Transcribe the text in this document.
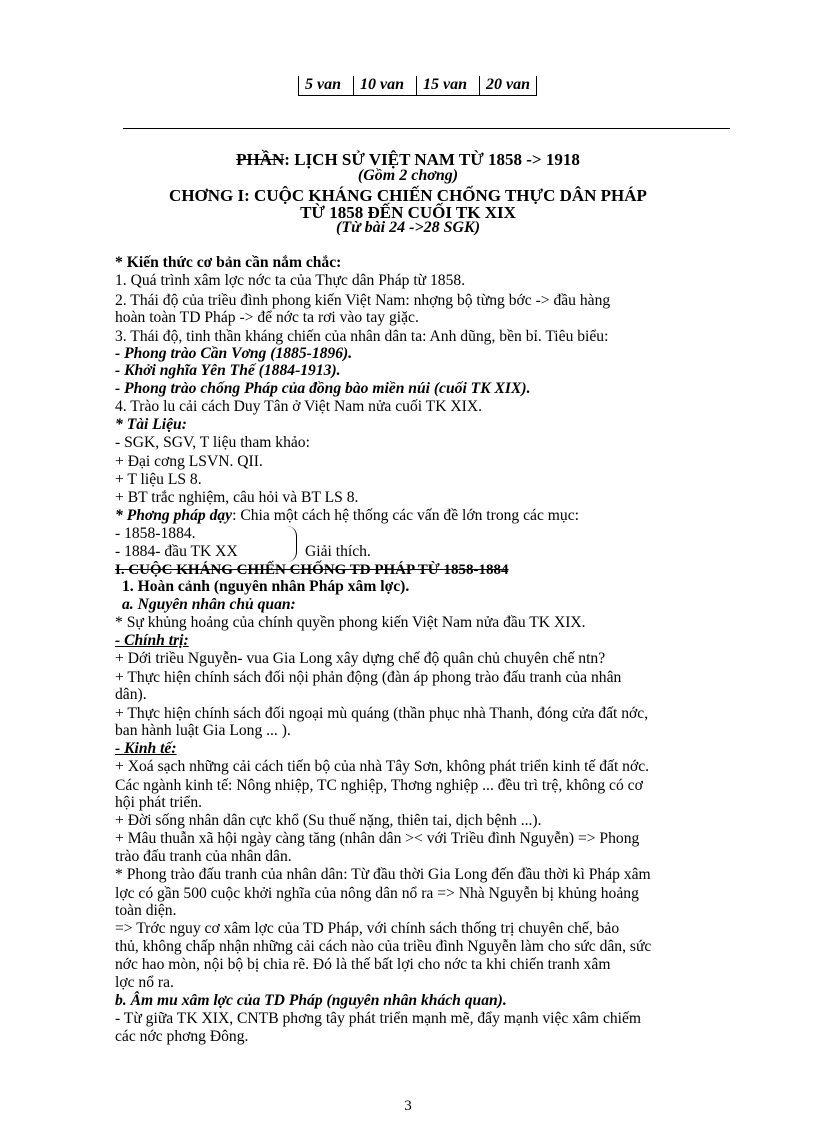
5 van	10 van	15 van	20 van
PHẦN: LỊCH SỬ VIỆT NAM TỪ 1858 -> 1918
(Gồm 2 chơng)
CHƠNG I: CUỘC KHÁNG CHIẾN CHỐNG THỰC DÂN PHÁP
TỪ 1858 ĐẾN CUỐI TK XIX
(Từ bài 24 ->28 SGK)
* Kiến thức cơ bản cần nắm chắc:
1. Quá trình xâm lợc nớc ta của Thực dân Pháp từ 1858.
2. Thái độ của triều đình phong kiến Việt Nam: nhợng bộ từng bớc -> đầu hàng
hoàn toàn TD Pháp -> để nớc ta rơi vào tay giặc.
3. Thái độ, tinh thần kháng chiến của nhân dân ta: Anh dũng, bền bỉ. Tiêu biểu:
- Phong trào Cần Vơng (1885-1896).
- Khởi nghĩa Yên Thế (1884-1913).
- Phong trào chống Pháp của đồng bào miền núi (cuối TK XIX).
4. Trào lu cải cách Duy Tân ở Việt Nam nửa cuối TK XIX.
* Tài Liệu:
- SGK, SGV, T liệu tham khảo:
+ Đại cơng LSVN. QII.
+ T liệu LS 8.
+ BT trắc nghiệm, câu hỏi và BT LS 8.
* Phơng pháp dạy: Chia một cách hệ thống các vấn đề lớn trong các mục:
- 1858-1884.
- 1884- đầu TK XX	Giải thích.
I. CUỘC KHÁNG CHIẾN CHỐNG TD PHÁP TỪ 1858-1884
1. Hoàn cảnh (nguyên nhân Pháp xâm lợc).
a. Nguyên nhân chủ quan:
* Sự khủng hoảng của chính quyền phong kiến Việt Nam nửa đầu TK XIX.
- Chính trị:
+ Dới triều Nguyễn- vua Gia Long xây dựng chế độ quân chủ chuyên chế ntn?
+ Thực hiện chính sách đối nội phản động (đàn áp phong trào đấu tranh của nhân
dân).
+ Thực hiện chính sách đối ngoại mù quáng (thần phục nhà Thanh, đóng cửa đất nớc,
ban hành luật Gia Long ... ).
- Kinh tế:
+ Xoá sạch những cải cách tiến bộ của nhà Tây Sơn, không phát triển kinh tế đất nớc.
Các ngành kinh tế: Nông nhiệp, TC nghiệp, Thơng nghiệp ... đều trì trệ, không có cơ
hội phát triển.
+ Đời sống nhân dân cực khổ (Su thuế nặng, thiên tai, dịch bệnh ...).
+ Mâu thuẫn xã hội ngày càng tăng (nhân dân >< với Triều đình Nguyễn) => Phong
trào đấu tranh của nhân dân.
* Phong trào đấu tranh của nhân dân: Từ đầu thời Gia Long đến đầu thời kì Pháp xâm
lợc có gần 500 cuộc khởi nghĩa của nông dân nổ ra => Nhà Nguyễn bị khủng hoảng
toàn diện.
=> Trớc nguy cơ xâm lợc của TD Pháp, với chính sách thống trị chuyên chế, bảo
thủ, không chấp nhận những cải cách nào của triều đình Nguyễn làm cho sức dân, sức
nớc hao mòn, nội bộ bị chia rẽ. Đó là thế bất lợi cho nớc ta khi chiến tranh xâm
lợc nổ ra.
b. Âm mu xâm lợc của TD Pháp (nguyên nhân khách quan).
- Từ giữa TK XIX, CNTB phơng tây phát triển mạnh mẽ, đẩy mạnh việc xâm chiếm
các nớc phơng Đông.
3
